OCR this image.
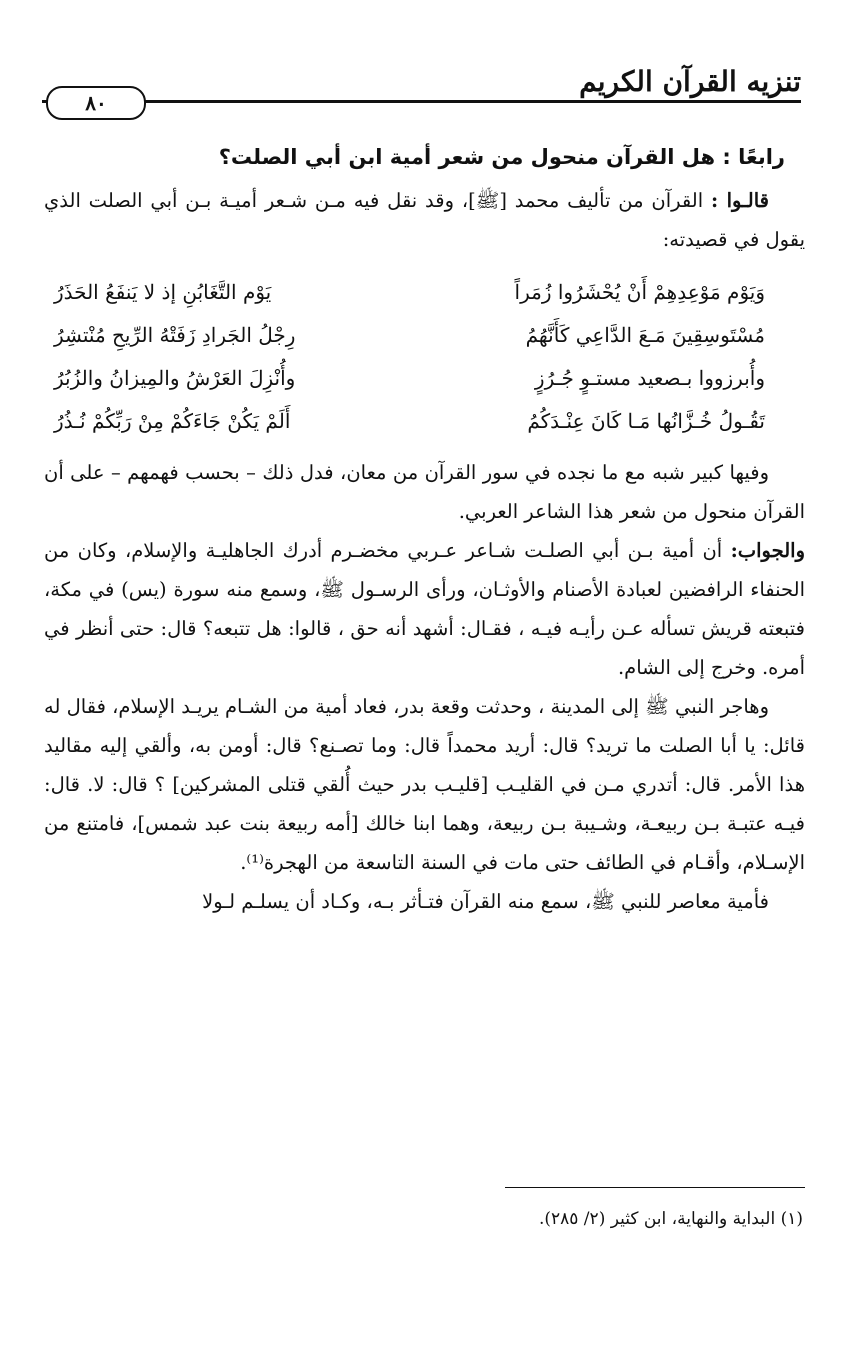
تنزيه القرآن الكريم
٨٠

رابعًا : هل القرآن منحول من شعر أمية ابن أبي الصلت؟

قالـوا : القرآن من تأليف محمد [ﷺ]، وقد نقل فيه مـن شـعر أميـة بـن أبي الصلت الذي يقول في قصيدته:

وَيَوْم مَوْعِدِهِمْ أَنْ يُحْشَرُوا زُمَراً
يَوْم التَّغَابُنِ إذ لا يَنفَعُ الحَذَرُ
مُسْتَوسِقِينَ مَـعَ الدَّاعِي كَأَنَّهُمُ
رِجْلُ الجَرادِ زَفَتْهُ الرِّيحِ مُنْتشِرُ
وأُبرزووا بـصعيد مستـوٍ جُـرُزٍ
وأُنْزِلَ العَرْشُ والمِيزانُ والزُبُرُ
تَقُـولُ خُـزَّانُها مَـا كَانَ عِنْـدَكُمُ
أَلَمْ يَكُنْ جَاءَكُمْ مِنْ رَبِّكُمْ نُـذُرُ

وفيها كبير شبه مع ما نجده في سور القرآن من معان، فدل ذلك – بحسب فهمهم – على أن القرآن منحول من شعر هذا الشاعر العربي.

والجواب: أن أمية بـن أبي الصلـت شـاعر عـربي مخضـرم أدرك الجاهليـة والإسلام، وكان من الحنفاء الرافضين لعبادة الأصنام والأوثـان، ورأى الرسـول ﷺ، وسمع منه سورة (يس) في مكة، فتبعته قريش تسأله عـن رأيـه فيـه ، فقـال: أشهد أنه حق ، قالوا: هل تتبعه؟ قال: حتى أنظر في أمره. وخرج إلى الشام.

وهاجر النبي ﷺ إلى المدينة ، وحدثت وقعة بدر، فعاد أمية من الشـام يريـد الإسلام، فقال له قائل: يا أبا الصلت ما تريد؟ قال: أريد محمداً قال: وما تصـنع؟ قال: أومن به، وألقي إليه مقاليد هذا الأمر. قال: أتدري مـن في القليـب [قليـب بدر حيث أُلقي قتلى المشركين] ؟ قال: لا. قال: فيـه عتبـة بـن ربيعـة، وشـيبة بـن ربيعة، وهما ابنا خالك [أمه ربيعة بنت عبد شمس]، فامتنع من الإسـلام، وأقـام في الطائف حتى مات في السنة التاسعة من الهجرة⁽¹⁾.

فأمية معاصر للنبي ﷺ، سمع منه القرآن فتـأثر بـه، وكـاد أن يسلـم لـولا

(١) البداية والنهاية، ابن كثير (٢/ ٢٨٥).
